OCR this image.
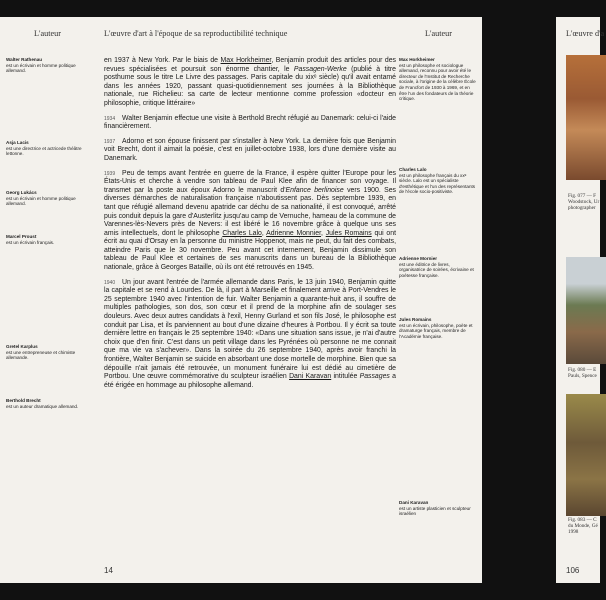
L'auteur
Walter Rathenau
est un écrivain et homme politique allemand.
Asja Lacis
est une directrice et actricede théâtre lettonne.
Georg Lukács
est un écrivain et homme politique allemand.
Marcel Proust
est un écrivain français.
Gretel Karplus
est une entrepreneuse et chimiste allemande.
Berthold Brecht
est un auteur dramatique allemand.
L'œuvre d'art à l'époque de sa reproductibilité technique	L'auteur

en 1937 à New York. Par le biais de Max Horkheimer, Benjamin produit des articles pour des revues spécialisées et poursuit son énorme chantier, le Passagen-Werke (publié à titre posthume sous le titre Le Livre des passages. Paris capitale du xixᵉ siècle) qu'il avait entamé dans les années 1920, passant quasi-quotidiennement ses journées à la Bibliothèque nationale, rue Richelieu: sa carte de lecteur mentionne comme profession «docteur en philosophie, critique littéraire»

1934 Walter Benjamin effectue une visite à Berthold Brecht réfugié au Danemark: celui-ci l'aide financièrement.

1937 Adorno et son épouse finissent par s'installer à New York. La dernière fois que Benjamin voit Brecht, dont il aimait la poésie, c'est en juillet-octobre 1938, lors d'une dernière visite au Danemark.

1939 Peu de temps avant l'entrée en guerre de la France, il espère quitter l'Europe pour les États-Unis et cherche à vendre son tableau de Paul Klee afin de financer son voyage. Il transmet par la poste aux époux Adorno le manuscrit d'Enfance berlinoise vers 1900. Ses diverses démarches de naturalisation française n'aboutissent pas. Dès septembre 1939, en tant que réfugié allemand devenu apatride car déchu de sa nationalité, il est convoqué, arrêté puis conduit depuis la gare d'Austerlitz jusqu'au camp de Vernuche, hameau de la commune de Varennes-lès-Nevers près de Nevers: il est libéré le 16 novembre grâce à quelque uns ses amis intellectuels, dont le philosophe Charles Lalo, Adrienne Monnier, Jules Romains qui ont écrit au quai d'Orsay en la personne du ministre Hoppenot, mais ne peut, du fait des combats, atteindre Paris que le 30 novembre. Peu avant cet internement, Benjamin dissimule son tableau de Paul Klee et certaines de ses manuscrits dans un bureau de la Bibliothèque nationale, grâce à Georges Bataille, où ils ont été retrouvés en 1945.

1940 Un jour avant l'entrée de l'armée allemande dans Paris, le 13 juin 1940, Benjamin quitte la capitale et se rend à Lourdes. De là, il part à Marseille et finalement arrive à Port-Vendres le 25 septembre 1940 avec l'intention de fuir. Walter Benjamin a quarante-huit ans, il souffre de multiples pathologies, son dos, son cœur et il prend de la morphine afin de soulager ses douleurs. Avec deux autres candidats à l'exil, Henny Gurland et son fils José, le philosophe est conduit par Lisa, et ils parviennent au bout d'une dizaine d'heures à Portbou. Il y écrit sa toute dernière lettre en français le 25 septembre 1940: «Dans une situation sans issue, je n'ai d'autre choix que d'en finir. C'est dans un petit village dans les Pyrénées où personne ne me connait que ma vie va s'achever». Dans la soirée du 26 septembre 1940, après avoir franchi la frontière, Walter Benjamin se suicide en absorbant une dose mortelle de morphine. Bien que sa dépouille n'ait jamais été retrouvée, un monument funéraire lui est dédié au cimetière de Portbou. Une œuvre commémorative du sculpteur israélien Dani Karavan intitulée Passages a été érigée en hommage au philosophe allemand.

Max Horkheimer
est un philosophe et sociologue allemand, reconnu pour avoir été le directeur de l'Institut de Recherche sociale, à l'origine de la célèbre École de Francfort de 1930 à 1969, et en être l'un des fondateurs de la théorie critique.
Charles Lalo
est un philosophe français du xxᵉ siècle. Lalo est un spécialiste d'esthétique et l'un des représentants de l'école socio-positiviste.
Adrienne Mornier
est une éditrice de livres, organisatrice de soirées, écrivaine et poétesse française.
Jules Romains
est un écrivain, philosophe, poète et dramaturge français, membre de l'Académie française.
Dani Karavan
est un artiste plasticien et sculpteur israélien
14
L'œuvre d'a
Fig. 077 — F
Woodstock, Ur
photographer
Fig. 080 — E
Pauls, Spence
Fig. 083 — C
du Monde, Gé
1998
106
